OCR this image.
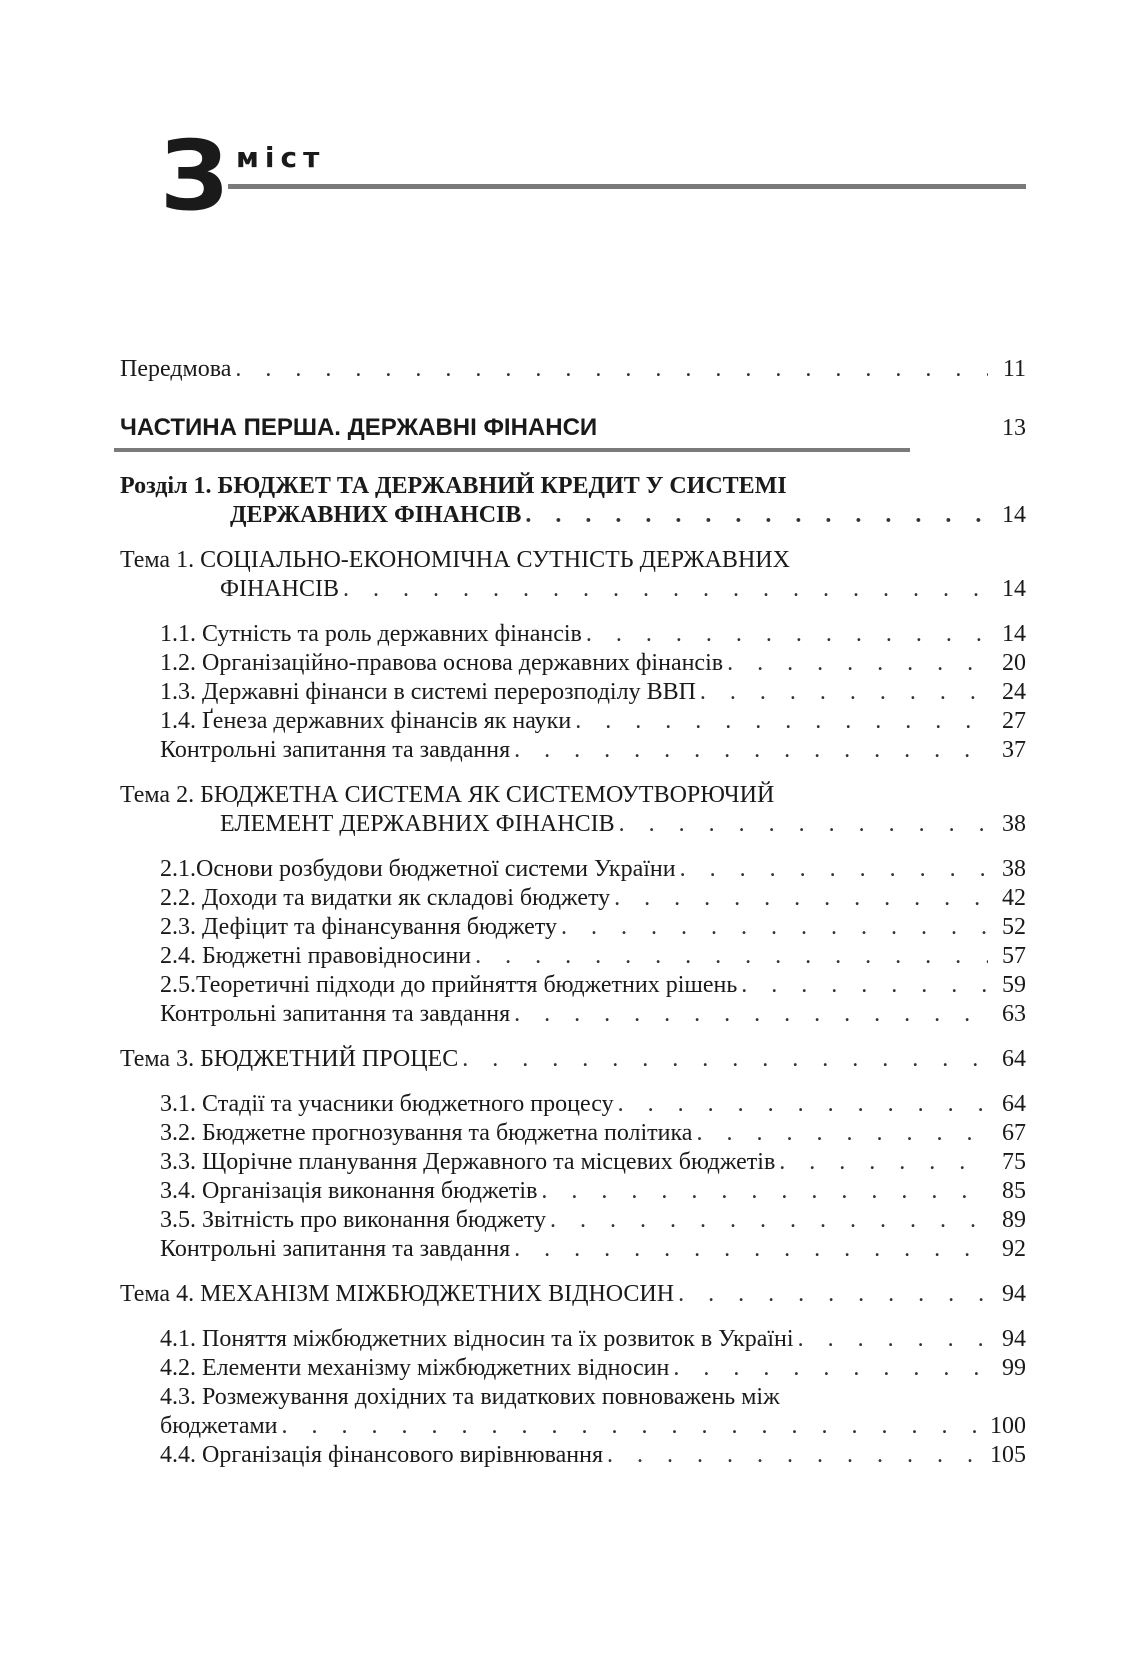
З міст
Передмова . . .	11
ЧАСТИНА ПЕРША. ДЕРЖАВНІ ФІНАНСИ	13
Розділ 1. БЮДЖЕТ ТА ДЕРЖАВНИЙ КРЕДИТ У СИСТЕМІ
ДЕРЖАВНИХ ФІНАНСІВ . . .	14
Тема 1. СОЦІАЛЬНО-ЕКОНОМІЧНА СУТНІСТЬ ДЕРЖАВНИХ
ФІНАНСІВ . . .	14
1.1. Сутність та роль державних фінансів . . .	14
1.2. Організаційно-правова основа державних фінансів . . .	20
1.3. Державні фінанси в системі перерозподілу ВВП . . .	24
1.4. Ґенеза державних фінансів як науки . . .	27
Контрольні запитання та завдання . . .	37
Тема 2. БЮДЖЕТНА СИСТЕМА ЯК СИСТЕМОУТВОРЮЧИЙ
ЕЛЕМЕНТ ДЕРЖАВНИХ ФІНАНСІВ . . .	38
2.1.Основи розбудови бюджетної системи України . . .	38
2.2. Доходи та видатки як складові бюджету . . .	42
2.3. Дефіцит та фінансування бюджету . . .	52
2.4. Бюджетні правовідносини . . .	57
2.5.Теоретичні підходи до прийняття бюджетних рішень . . .	59
Контрольні запитання та завдання . . .	63
Тема 3. БЮДЖЕТНИЙ ПРОЦЕС . . .	64
3.1. Стадії та учасники бюджетного процесу . . .	64
3.2. Бюджетне прогнозування та бюджетна політика . . .	67
3.3. Щорічне планування Державного та місцевих бюджетів . . .	75
3.4. Організація виконання бюджетів . . .	85
3.5. Звітність про виконання бюджету . . .	89
Контрольні запитання та завдання . . .	92
Тема 4. МЕХАНІЗМ МІЖБЮДЖЕТНИХ ВІДНОСИН . . .	94
4.1. Поняття міжбюджетних відносин та їх розвиток в Україні . . .	94
4.2. Елементи механізму міжбюджетних відносин . . .	99
4.3. Розмежування дохідних та видаткових повноважень між
бюджетами . . .	100
4.4. Організація фінансового вирівнювання . . .	105
